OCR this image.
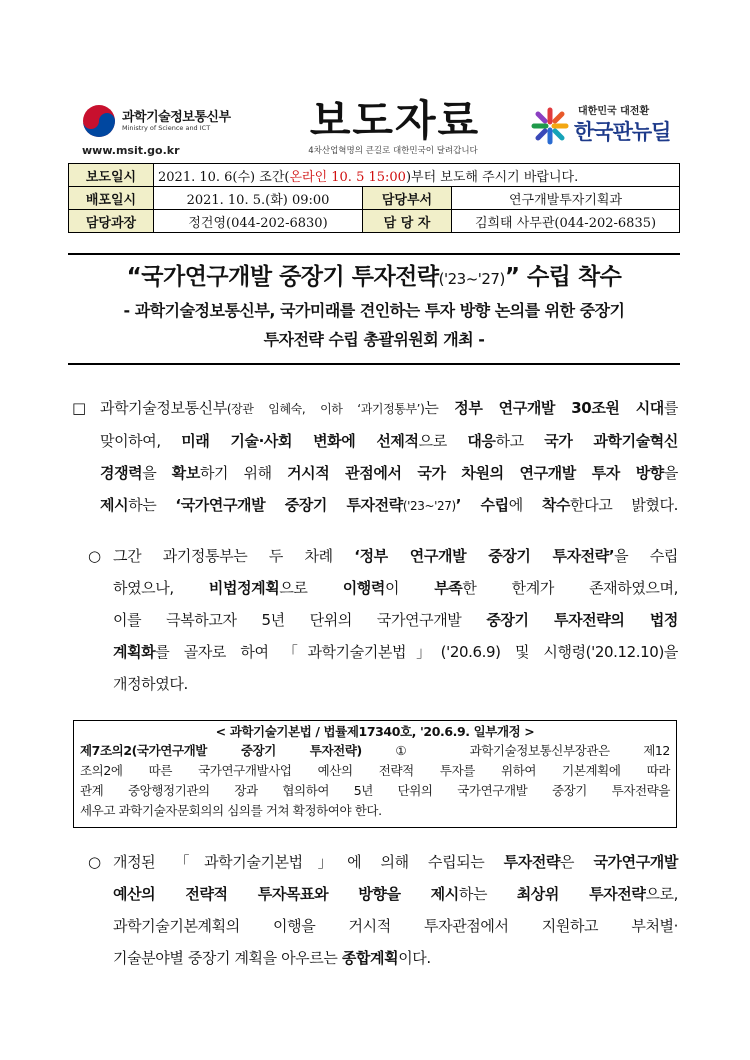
과학기술정보통신부
Ministry of Science and ICT
www.msit.go.kr
보도자료
4차산업혁명의 큰길로 대한민국이 달려갑니다
대한민국 대전환
한국판뉴딜
보도일시	2021. 10. 6(수) 조간(온라인 10. 5 15:00)부터 보도해 주시기 바랍니다.		
배포일시	2021. 10. 5.(화) 09:00	담당부서	연구개발투자기획과
담당과장	정건영(044-202-6830)	담 당 자	김희태 사무관(044-202-6835)
“국가연구개발 중장기 투자전략('23~'27)” 수립 착수
- 과학기술정보통신부, 국가미래를 견인하는 투자 방향 논의를 위한 중장기
투자전략 수립 총괄위원회 개최 -
□ 과학기술정보통신부(장관 임혜숙, 이하 ‘과기정통부’)는 정부 연구개발 30조원 시대를
맞이하여, 미래 기술·사회 변화에 선제적으로 대응하고 국가 과학기술혁신
경쟁력을 확보하기 위해 거시적 관점에서 국가 차원의 연구개발 투자 방향을
제시하는 ‘국가연구개발 중장기 투자전략('23~'27)’ 수립에 착수한다고 밝혔다.
○ 그간 과기정통부는 두 차례 ‘정부 연구개발 중장기 투자전략’을 수립
하였으나, 비법정계획으로 이행력이 부족한 한계가 존재하였으며,
이를 극복하고자 5년 단위의 국가연구개발 중장기 투자전략의 법정
계획화를 골자로 하여 「과학기술기본법」('20.6.9) 및 시행령('20.12.10)을
개정하였다.
< 과학기술기본법 / 법률제17340호, '20.6.9. 일부개정 >
제7조의2(국가연구개발 중장기 투자전략) ① 과학기술정보통신부장관은 제12
조의2에 따른 국가연구개발사업 예산의 전략적 투자를 위하여 기본계획에 따라
관계 중앙행정기관의 장과 협의하여 5년 단위의 국가연구개발 중장기 투자전략을
세우고 과학기술자문회의의 심의를 거쳐 확정하여야 한다.
○ 개정된 「과학기술기본법」에 의해 수립되는 투자전략은 국가연구개발
예산의 전략적 투자목표와 방향을 제시하는 최상위 투자전략으로,
과학기술기본계획의 이행을 거시적 투자관점에서 지원하고 부처별·
기술분야별 중장기 계획을 아우르는 종합계획이다.
